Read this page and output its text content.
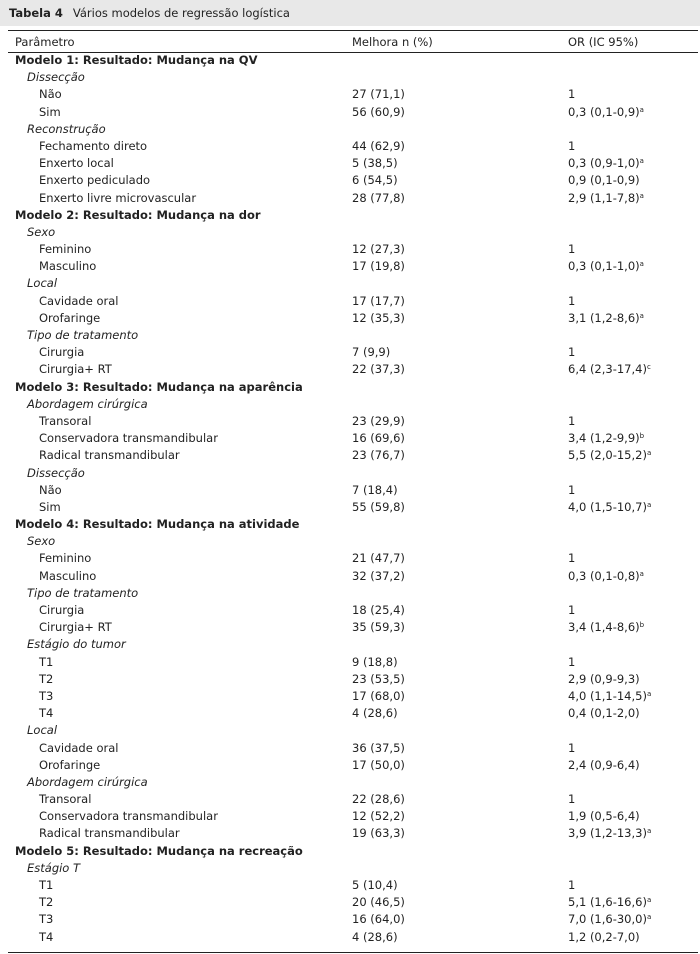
Tabela 4 Vários modelos de regressão logística
Parâmetro	Melhora n (%)	OR (IC 95%)
Modelo 1: Resultado: Mudança na QV
Dissecção
Não	27 (71,1)	1
Sim	56 (60,9)	0,3 $(0,1-0,9)^a$
Reconstrução
Fechamento direto	44 (62,9)	1
Enxerto local	5 (38,5)	0,3 $(0,9-1,0)^a$
Enxerto pediculado	6 (54,5)	0,9 (0,1-0,9)
Enxerto livre microvascular	28 (77,8)	2,9 $(1,1-7,8)^a$
Modelo 2: Resultado: Mudança na dor
Sexo
Feminino	12 (27,3)	1
Masculino	17 (19,8)	0,3 $(0,1-1,0)^a$
Local
Cavidade oral	17 (17,7)	1
Orofaringe	12 (35,3)	3,1 $(1,2-8,6)^a$
Tipo de tratamento
Cirurgia	7 (9,9)	1
Cirurgia+ RT	22 (37,3)	6,4 $(2,3-17,4)^c$
Modelo 3: Resultado: Mudança na aparência
Abordagem cirúrgica
Transoral	23 (29,9)	1
Conservadora transmandibular	16 (69,6)	3,4 $(1,2-9,9)^b$
Radical transmandibular	23 (76,7)	5,5 $(2,0-15,2)^a$
Dissecção
Não	7 (18,4)	1
Sim	55 (59,8)	4,0 $(1,5-10,7)^a$
Modelo 4: Resultado: Mudança na atividade
Sexo
Feminino	21 (47,7)	1
Masculino	32 (37,2)	0,3 $(0,1-0,8)^a$
Tipo de tratamento
Cirurgia	18 (25,4)	1
Cirurgia+ RT	35 (59,3)	3,4 $(1,4-8,6)^b$
Estágio do tumor
T1	9 (18,8)	1
T2	23 (53,5)	2,9 (0,9-9,3)
T3	17 (68,0)	4,0 $(1,1-14,5)^a$
T4	4 (28,6)	0,4 (0,1-2,0)
Local
Cavidade oral	36 (37,5)	1
Orofaringe	17 (50,0)	2,4 (0,9-6,4)
Abordagem cirúrgica
Transoral	22 (28,6)	1
Conservadora transmandibular	12 (52,2)	1,9 (0,5-6,4)
Radical transmandibular	19 (63,3)	3,9 $(1,2-13,3)^a$
Modelo 5: Resultado: Mudança na recreação
Estágio T
T1	5 (10,4)	1
T2	20 (46,5)	5,1 $(1,6-16,6)^a$
T3	16 (64,0)	7,0 $(1,6-30,0)^a$
T4	4 (28,6)	1,2 (0,2-7,0)
